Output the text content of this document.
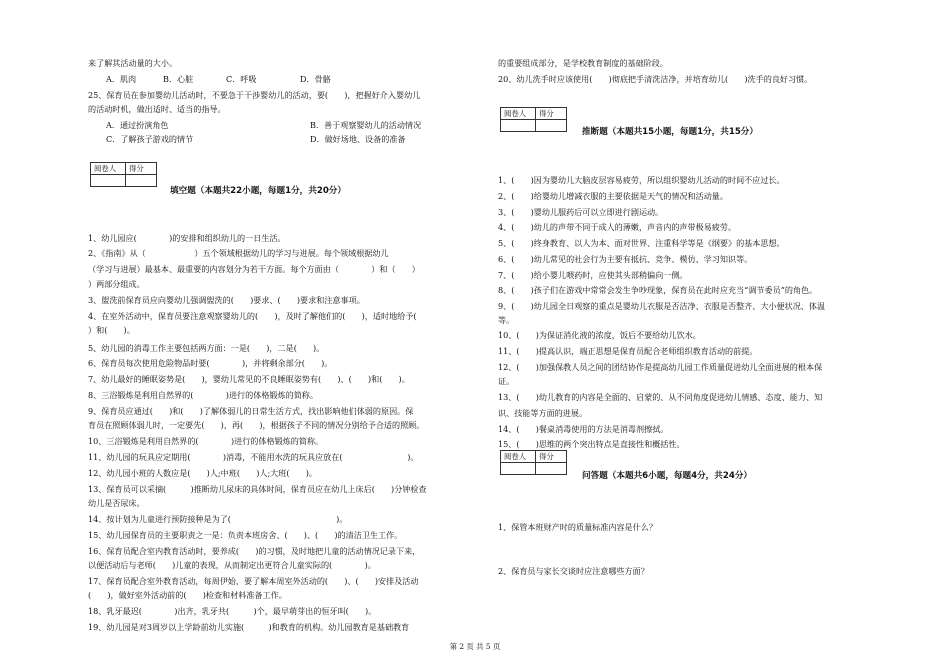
来了解其活动量的大小。
A．肌肉	B．心脏	C．呼吸	D．骨骼
25、保育员在参加婴幼儿活动时，不要急于干涉婴幼儿的活动，要(　　)，把握好介入婴幼儿
的活动时机，做出适时、适当的指导。
A．通过扮演角色	B．善于观察婴幼儿的活动情况
C．了解孩子游戏的情节	D．做好场地、设备的准备
阅卷人	得分

填空题（本题共22小题，每题1分，共20分）
1、幼儿园应(　　　　)的安排和组织幼儿的一日生活。
2、《指南》从（　　　　　　）五个领域根据幼儿的学习与进展。每个领域根据幼儿
（学习与进展）最基本、最重要的内容划分为若干方面。每个方面由（　　　　）和（　　）
）两部分组成。
3、盥洗前保育员应向婴幼儿强调盥洗的(　　)要求、(　　)要求和注意事项。
4、在室外活动中，保育员要注意观察婴幼儿的(　　)，及时了解他们的(　　)，适时地给予(　　
）和(　　)。
5、幼儿园的消毒工作主要包括两方面：一是(　　)，二是(　　)。
6、保育员每次使用危险物品时要(　　　　)，并将剩余部分(　　)。
7、幼儿最好的睡眠姿势是(　　)，婴幼儿常见的不良睡眠姿势有(　　)、(　　)和(　　)。
8、三浴锻炼是利用自然界的(　　　　)进行的体格锻炼的简称。
9、保育员应通过(　　)和(　　)了解体弱儿的日常生活方式，找出影响他们体弱的原因。保
育员在照顾体弱儿时，一定要先(　　)，再(　　)，根据孩子不同的情况分别给予合适的照顾。
10、三浴锻炼是利用自然界的(　　　　)进行的体格锻炼的简称。
11、幼儿园的玩具应定期用(　　　　)消毒，不能用水洗的玩具应放在(　　　　　　　　)。
12、幼儿园小班的人数应是(　　)人;中班(　　)人;大班(　　)。
13、保育员可以采摘(　　　)推断幼儿尿床的具体时间，保育员应在幼儿上床后(　　)分钟检查
幼儿是否尿床。
14、按计划为儿童进行预防接种是为了(　　　　　　　　　　　　　)。
15、幼儿园保育员的主要职责之一是：负责本班房舍、(　　)、(　　)的清洁卫生工作。
16、保育员配合室内教育活动时，要养成(　　)的习惯，及时地把儿童的活动情况记录下来，
以便活动后与老师(　　)儿童的表现，从而制定出更符合儿童实际的(　　　　)。
17、保育员配合室外教育活动，每周伊始，要了解本周室外活动的(　　)、(　　)安排及活动
(　　)，做好室外活动前的(　　)检查和材料准备工作。
18、乳牙最迟(　　　　)出齐，乳牙共(　　　)个，最早萌芽出的恒牙叫(　　)。
19、幼儿园是对3周岁以上学龄前幼儿实施(　　　)和教育的机构。幼儿园教育是基础教育
的重要组成部分，是学校教育制度的基础阶段。
20、幼儿洗手时应该使用(　　)彻底把手清洗洁净，并培育幼儿(　　)洗手的良好习惯。
阅卷人	得分

推断题（本题共15小题，每题1分，共15分）
1、(　　)因为婴幼儿大脑皮层容易疲劳，所以组织婴幼儿活动的时间不应过长。
2、(　　)给婴幼儿增减衣服的主要依据是天气的情况和活动量。
3、(　　)婴幼儿服药后可以立即进行剧运动。
4、(　　)幼儿的声带不同于成人的薄嫩，声音内的声带极易疲劳。
5、(　　)终身教育、以人为本、面对世界、注重科学等是《纲要》的基本思想。
6、(　　)幼儿常见的社会行为主要有抵抗、竞争、模仿、学习知识等。
7、(　　)给小婴儿喂药时，应使其头部稍偏向一侧。
8、(　　)孩子们在游戏中常常会发生争吵现象，保育员在此时应充当“调节委员”的角色。
9、(　　)幼儿园全日观察的重点是婴幼儿衣服是否洁净、衣服是否整齐、大小便状况、体温
等。
10、(　　)为保证消化液的浓度，饭后不要给幼儿饮水。
11、(　　)提高认识，端正思想是保育员配合老师组织教育活动的前提。
12、(　　)加强保教人员之间的团结协作是提高幼儿园工作质量促进幼儿全面进展的根本保
证。
13、(　　)幼儿教育的内容是全面的、启蒙的、从不同角度促进幼儿情感、态度、能力、知
识、技能等方面的进展。
14、(　　)餐桌消毒使用的方法是消毒剂擦拭。
15、(　　)思维的两个突出特点是直接性和概括性。
阅卷人	得分

问答题（本题共6小题，每题4分，共24分）
1、保管本班财产时的质量标准内容是什么？
2、保育员与家长交谈时应注意哪些方面？
第 2 页 共 5 页
